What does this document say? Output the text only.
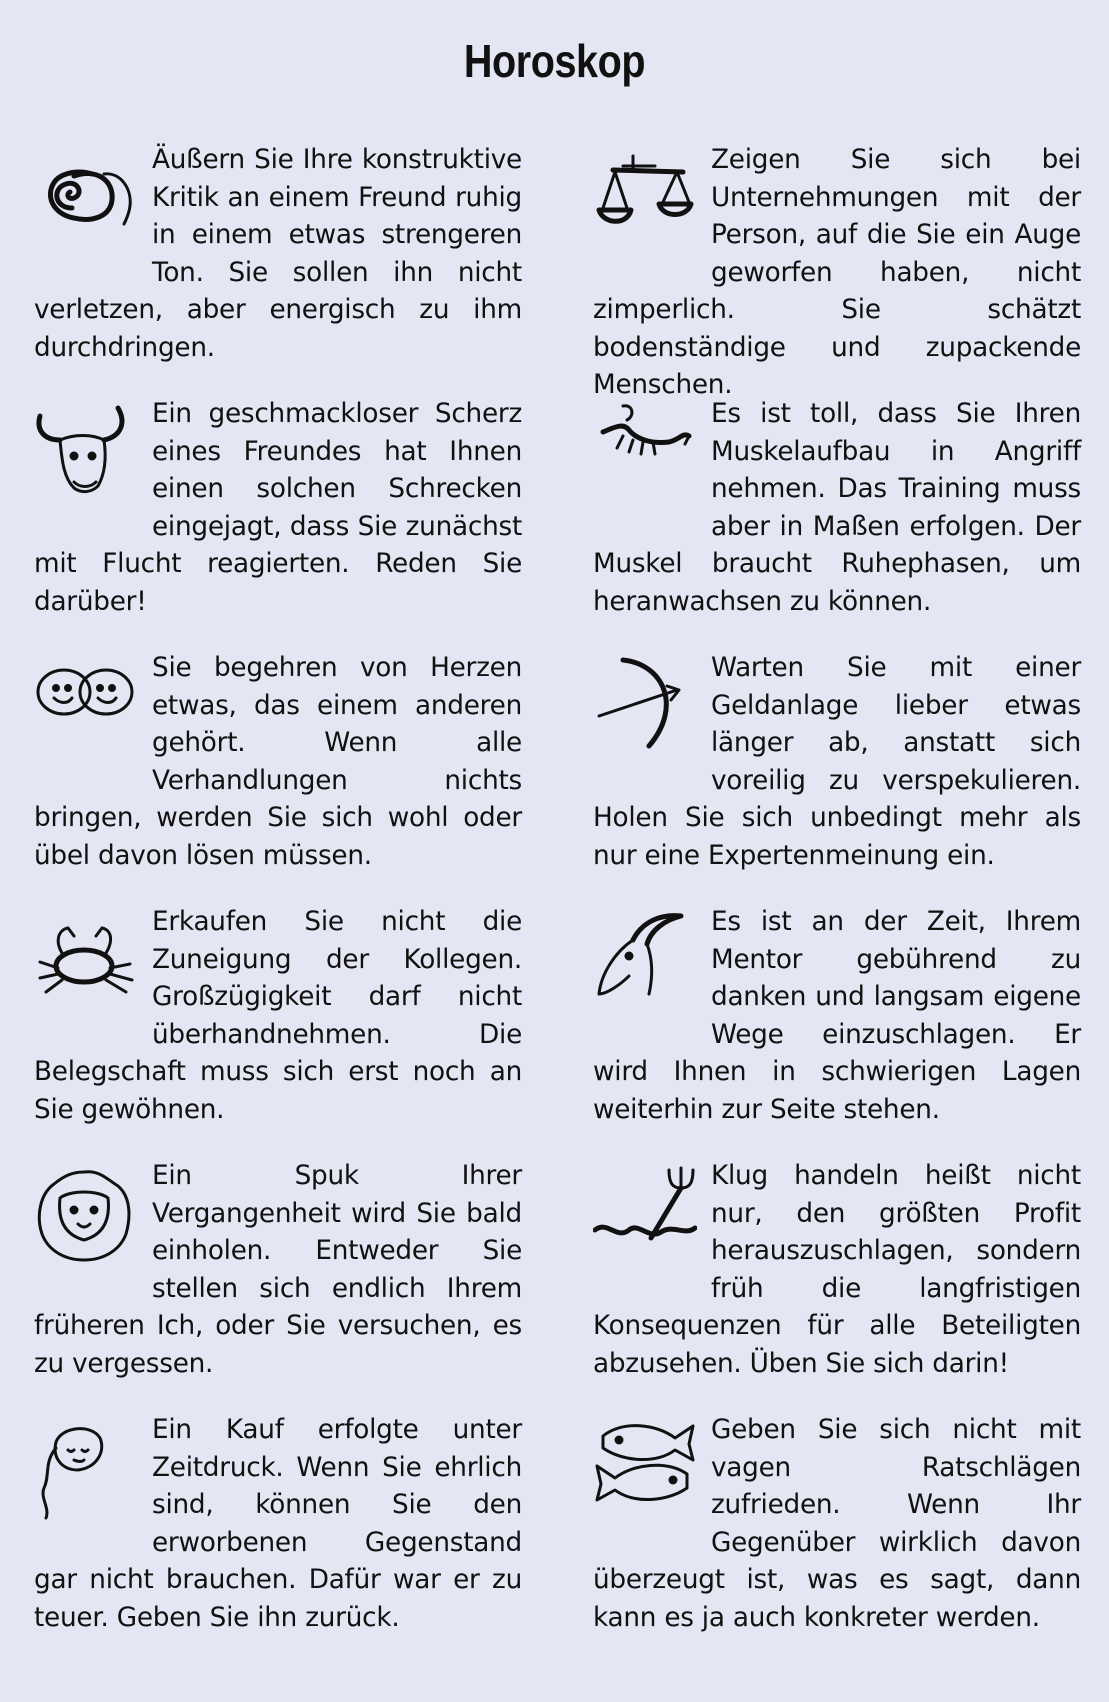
Horoskop
Äußern Sie Ihre konstruktive Kritik an einem Freund ruhig in einem etwas strengeren Ton. Sie sollen ihn nicht verletzen, aber energisch zu ihm durchdringen.
Ein geschmackloser Scherz eines Freundes hat Ihnen einen solchen Schrecken eingejagt, dass Sie zunächst mit Flucht reagierten. Reden Sie darüber!
Sie begehren von Herzen etwas, das einem anderen gehört. Wenn alle Verhandlungen nichts bringen, werden Sie sich wohl oder übel davon lösen müssen.
Erkaufen Sie nicht die Zuneigung der Kollegen. Großzügigkeit darf nicht überhandnehmen. Die Belegschaft muss sich erst noch an Sie gewöhnen.
Ein Spuk Ihrer Vergangenheit wird Sie bald einholen. Entweder Sie stellen sich endlich Ihrem früheren Ich, oder Sie versuchen, es zu vergessen.
Ein Kauf erfolgte unter Zeitdruck. Wenn Sie ehrlich sind, können Sie den erworbenen Gegenstand gar nicht brauchen. Dafür war er zu teuer. Geben Sie ihn zurück.
Zeigen Sie sich bei Unternehmungen mit der Person, auf die Sie ein Auge geworfen haben, nicht zimperlich. Sie schätzt bodenständige und zupackende Menschen.
Es ist toll, dass Sie Ihren Muskelaufbau in Angriff nehmen. Das Training muss aber in Maßen erfolgen. Der Muskel braucht Ruhephasen, um heranwachsen zu können.
Warten Sie mit einer Geldanlage lieber etwas länger ab, anstatt sich voreilig zu verspekulieren. Holen Sie sich unbedingt mehr als nur eine Expertenmeinung ein.
Es ist an der Zeit, Ihrem Mentor gebührend zu danken und langsam eigene Wege einzuschlagen. Er wird Ihnen in schwierigen Lagen weiterhin zur Seite stehen.
Klug handeln heißt nicht nur, den größten Profit herauszuschlagen, sondern früh die langfristigen Konsequenzen für alle Beteiligten abzusehen. Üben Sie sich darin!
Geben Sie sich nicht mit vagen Ratschlägen zufrieden. Wenn Ihr Gegenüber wirklich davon überzeugt ist, was es sagt, dann kann es ja auch konkreter werden.
